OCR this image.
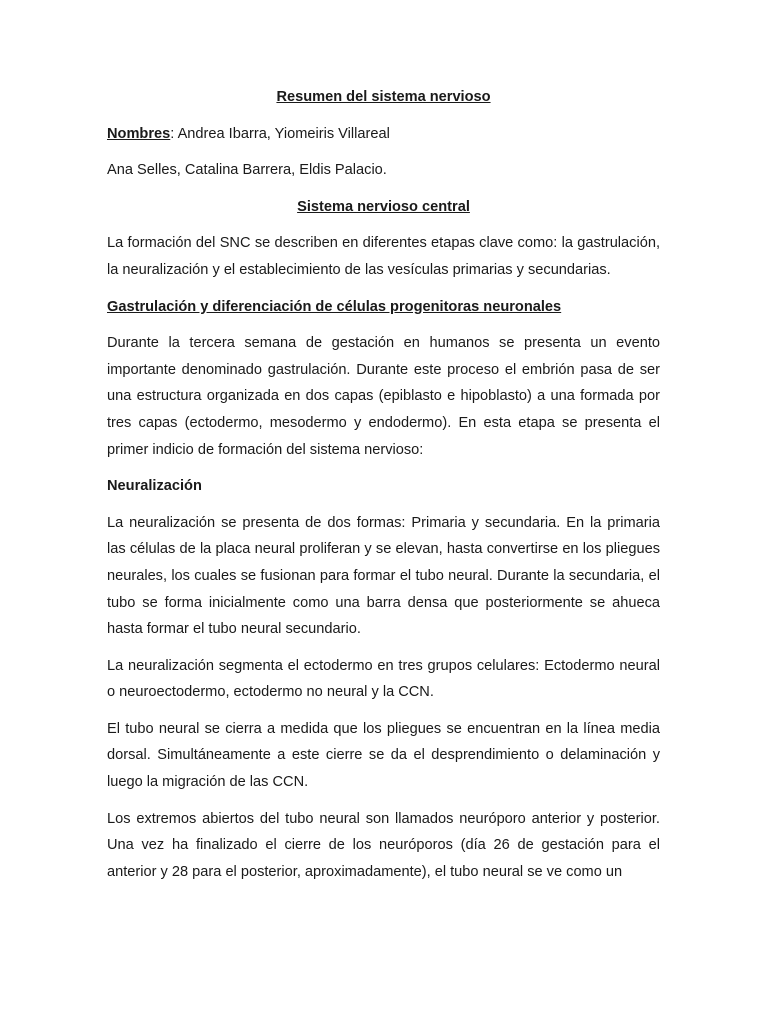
Resumen del sistema nervioso
Nombres: Andrea Ibarra, Yiomeiris Villareal
Ana Selles, Catalina Barrera, Eldis Palacio.
Sistema nervioso central
La formación del SNC se describen en diferentes etapas clave como: la gastrulación, la neuralización y el establecimiento de las vesículas primarias y secundarias.
Gastrulación y diferenciación de células progenitoras neuronales
Durante la tercera semana de gestación en humanos se presenta un evento importante denominado gastrulación. Durante este proceso el embrión pasa de ser una estructura organizada en dos capas (epiblasto e hipoblasto) a una formada por tres capas (ectodermo, mesodermo y endodermo). En esta etapa se presenta el primer indicio de formación del sistema nervioso:
Neuralización
La neuralización se presenta de dos formas: Primaria y secundaria. En la primaria las células de la placa neural proliferan y se elevan, hasta convertirse en los pliegues neurales, los cuales se fusionan para formar el tubo neural. Durante la secundaria, el tubo se forma inicialmente como una barra densa que posteriormente se ahueca hasta formar el tubo neural secundario.
La neuralización segmenta el ectodermo en tres grupos celulares: Ectodermo neural o neuroectodermo, ectodermo no neural y la CCN.
El tubo neural se cierra a medida que los pliegues se encuentran en la línea media dorsal. Simultáneamente a este cierre se da el desprendimiento o delaminación y luego la migración de las CCN.
Los extremos abiertos del tubo neural son llamados neuróporo anterior y posterior. Una vez ha finalizado el cierre de los neuróporos (día 26 de gestación para el anterior y 28 para el posterior, aproximadamente), el tubo neural se ve como un
